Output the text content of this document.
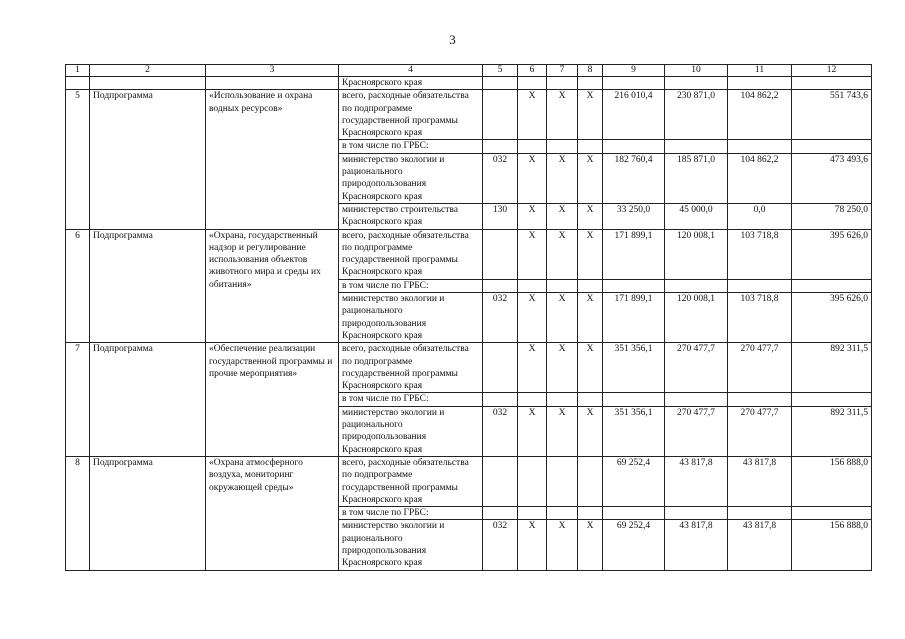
3
1	2	3	4	5	6	7	8	9	10	11	12
			Красноярского края								
5	Подпрограмма	«Использование и охрана водных ресурсов»	всего, расходные обязательства по подпрограмме государственной программы Красноярского края		X	X	X	216 010,4	230 871,0	104 862,2	551 743,6
			в том числе по ГРБС:								
			министерство экологии и рационального природопользования Красноярского края	032	X	X	X	182 760,4	185 871,0	104 862,2	473 493,6
			министерство строительства Красноярского края	130	X	X	X	33 250,0	45 000,0	0,0	78 250,0
6	Подпрограмма	«Охрана, государственный надзор и регулирование использования объектов животного мира и среды их обитания»	всего, расходные обязательства по подпрограмме государственной программы Красноярского края		X	X	X	171 899,1	120 008,1	103 718,8	395 626,0
			в том числе по ГРБС:								
			министерство экологии и рационального природопользования Красноярского края	032	X	X	X	171 899,1	120 008,1	103 718,8	395 626,0
7	Подпрограмма	«Обеспечение реализации государственной программы и прочие мероприятия»	всего, расходные обязательства по подпрограмме государственной программы Красноярского края		X	X	X	351 356,1	270 477,7	270 477,7	892 311,5
			в том числе по ГРБС:								
			министерство экологии и рационального природопользования Красноярского края	032	X	X	X	351 356,1	270 477,7	270 477,7	892 311,5
8	Подпрограмма	«Охрана атмосферного воздуха, мониторинг окружающей среды»	всего, расходные обязательства по подпрограмме государственной программы Красноярского края					69 252,4	43 817,8	43 817,8	156 888,0
			в том числе по ГРБС:								
			министерство экологии и рационального природопользования Красноярского края	032	X	X	X	69 252,4	43 817,8	43 817,8	156 888,0
